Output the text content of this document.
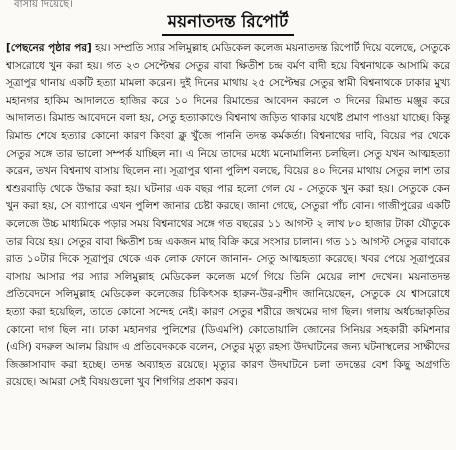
বাসায় দিয়েছে।
ময়নাতদন্ত রিপোর্ট
[পেছনের পৃষ্ঠার পর] হয়। সম্প্রতি স্যার সলিমুল্লাহ মেডিকেল কলেজ ময়নাতদন্ত রিপোর্ট দিয়ে বলেছে, সেতুকে শ্বাসরোধে খুন করা হয়। গত ২৩ সেপ্টেম্বর সেতুর বাবা ক্ষিতীশ চন্দ্র বর্মণ বাদী হয়ে বিশ্বনাথকে আসামি করে সূত্রাপুর থানায় একটি হত্যা মামলা করেন। দুই দিনের মাথায় ২৫ সেপ্টেম্বর সেতুর স্বামী বিশ্বনাথকে ঢাকার মুখ্য মহানগর হাকিম আদালতে হাজির করে ১০ দিনের রিমান্ডের আবেদন করলে ৩ দিনের রিমান্ড মঞ্জুর করে আদালত। রিমান্ড আবেদনে বলা হয়, সেতু হত্যাকাণ্ডে বিশ্বনাথ জড়িত থাকার যথেষ্ট প্রমাণ পাওয়া যাচ্ছে। কিন্তু রিমান্ড শেষে হত্যার কোনো কারণ কিংবা ক্লু খুঁজে পাননি তদন্ত কর্মকর্তা। বিশ্বনাথের দাবি, বিয়ের পর থেকে সেতুর সঙ্গে তার ভালো সম্পর্ক যাচ্ছিল না। এ নিয়ে তাদের মধ্যে মনোমালিন্য চলছিল। সেতু যখন আত্মহত্যা করেন, তখন বিশ্বনাথ বাসায় ছিলেন না। সূত্রাপুর থানা পুলিশ বলছে, বিয়ের ৪০ দিনের মাথায় সেতুর লাশ তার শ্বশুরবাড়ি থেকে উদ্ধার করা হয়। ঘটনার এক বছর পার হলো গেল যে - সেতুকে খুন করা হয়। সেতুকে কেন খুন করা হয়, সে ব্যাপারে এখন পুলিশ জানার চেষ্টা করছে। জানা গেছে, সেতুরা পাঁচ বোন। গাজীপুরের একটি কলেজে উচ্চ মাধ্যমিকে পড়ার সময় বিশ্বনাথের সঙ্গে গত বছরের ১১ আগস্ট ২ লাখ ৮০ হাজার টাকা যৌতুকে তার বিয়ে হয়। সেতুর বাবা ক্ষিতীশ চন্দ্র একজন মাছ বিক্রি করে সংসার চালান। গত ১১ আগস্ট সেতুর বাবাকে রাত ১০টার দিকে সূত্রাপুর থেকে এক লোক ফোনে জানান- সেতু আত্মহত্যা করেছে। খবর পেয়ে সূত্রাপুরের বাসায় আসার পর স্যার সলিমুল্লাহ মেডিকেল কলেজ মর্গে গিয়ে তিনি মেয়ের লাশ দেখেন। ময়নাতদন্ত প্রতিবেদনে সলিমুল্লাহ মেডিকেল কলেজের চিকিৎসক হারুন-উর-রশীদ জানিয়েছেন, সেতুকে যে শ্বাসরোধে হত্যা করা হয়েছিল, তাতে কোনো সন্দেহ নেই। কারণ সেতুর শরীরে জখমের দাগ ছিল। গলায় অর্ধচন্দ্রাকৃতির কোনো দাগ ছিল না। ঢাকা মহানগর পুলিশের (ডিএমপি) কোতোয়ালি জোনের সিনিয়র সহকারী কমিশনার (এসি) বদরুল আলম রিয়াদ এ প্রতিবেদককে বলেন, সেতুর মৃত্যু রহস্য উদঘাটনের জন্য ঘটনাস্থলের সাক্ষীদের জিজ্ঞাসাবাদ করা হচ্ছে। তদন্ত অব্যাহত রয়েছে। মৃত্যুর কারণ উদঘাটনে চলা তদন্তের বেশ কিছু অগ্রগতি রয়েছে। আমরা সেই বিষয়গুলো খুব শিগগির প্রকাশ করব।
